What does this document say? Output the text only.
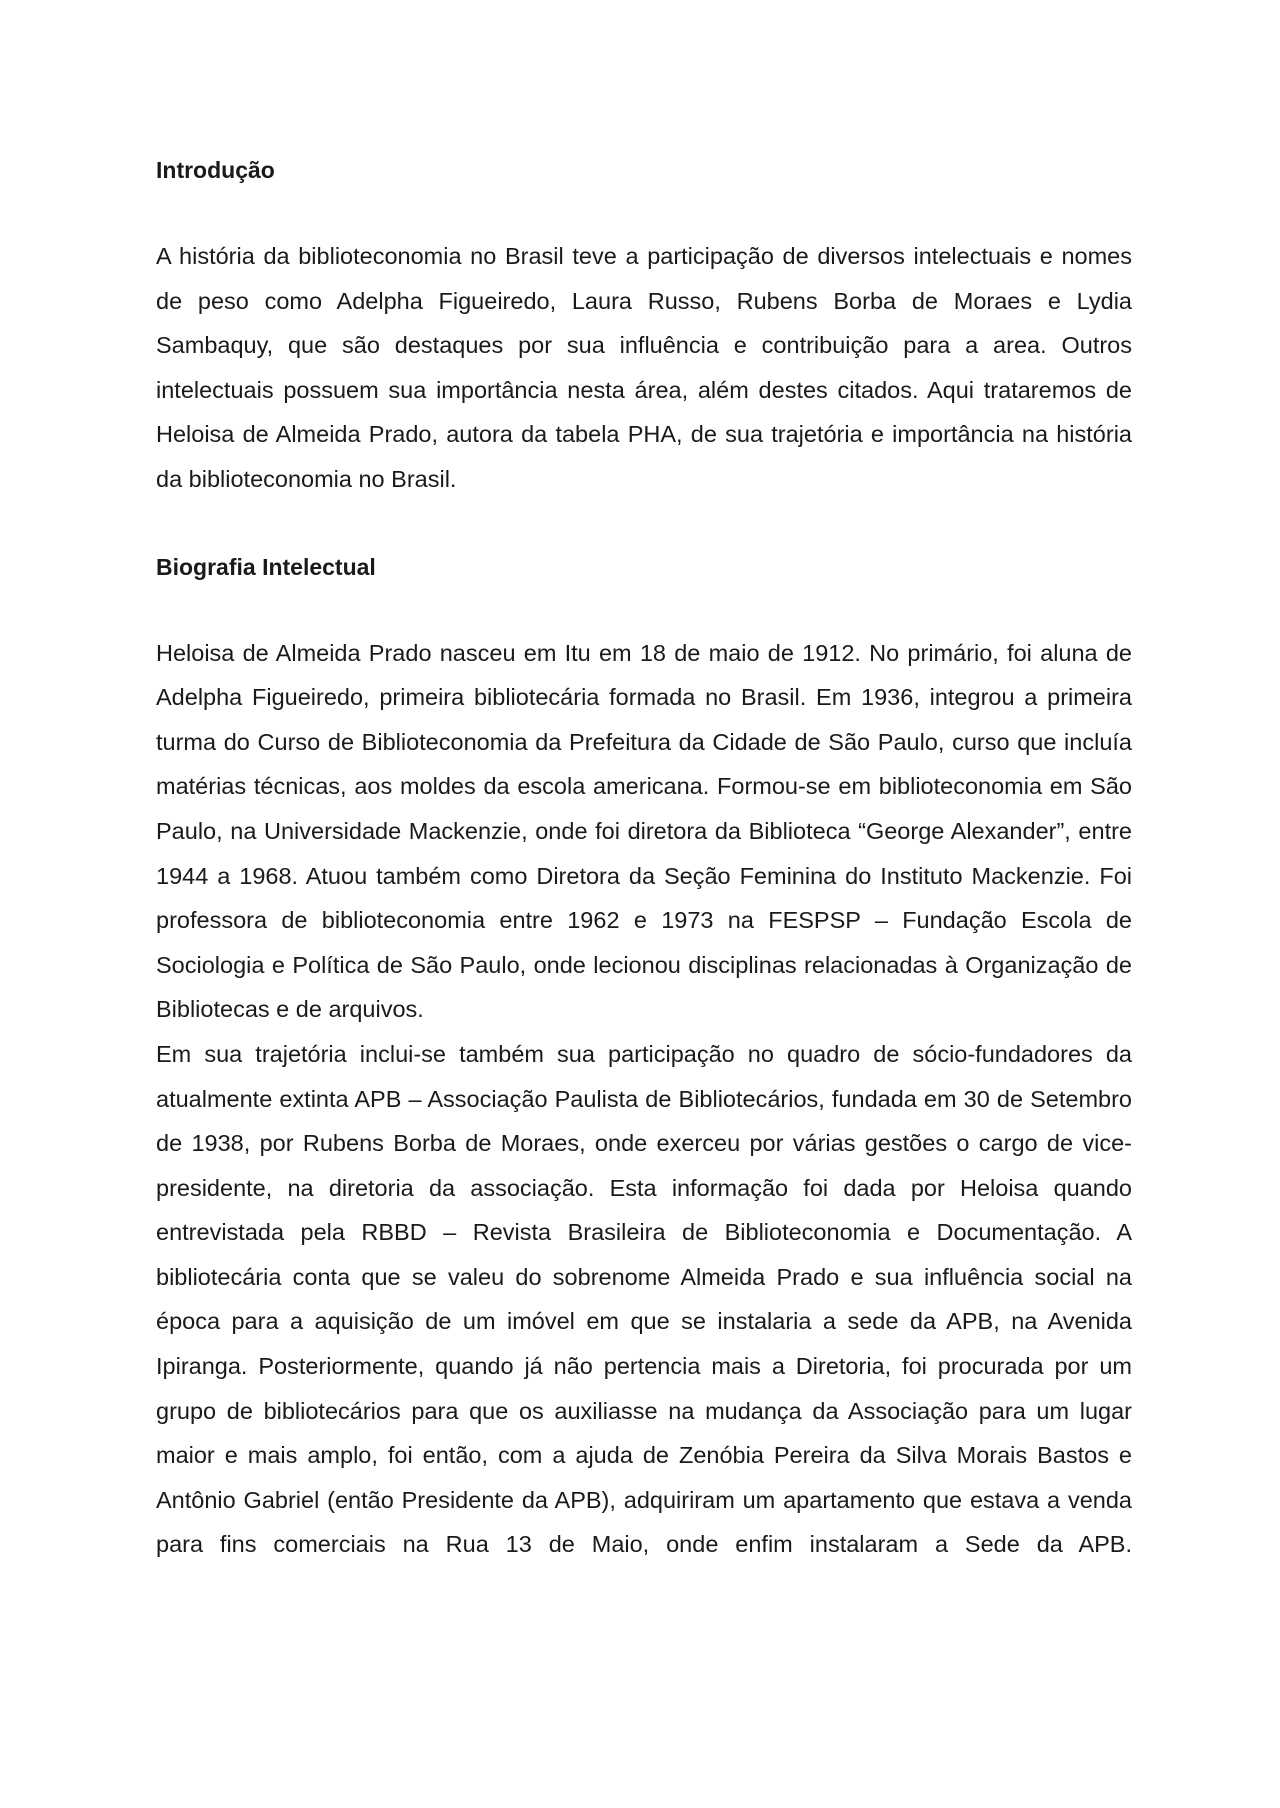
Introdução

A história da biblioteconomia no Brasil teve a participação de diversos intelectuais e nomes de peso como Adelpha Figueiredo, Laura Russo, Rubens Borba de Moraes e Lydia Sambaquy, que são destaques por sua influência e contribuição para a area. Outros intelectuais possuem sua importância nesta área, além destes citados. Aqui trataremos de Heloisa de Almeida Prado, autora da tabela PHA, de sua trajetória e importância na história da biblioteconomia no Brasil.

Biografia Intelectual

Heloisa de Almeida Prado nasceu em Itu em 18 de maio de 1912. No primário, foi aluna de Adelpha Figueiredo, primeira bibliotecária formada no Brasil. Em 1936, integrou a primeira turma do Curso de Biblioteconomia da Prefeitura da Cidade de São Paulo, curso que incluía matérias técnicas, aos moldes da escola americana. Formou-se em biblioteconomia em São Paulo, na Universidade Mackenzie, onde foi diretora da Biblioteca “George Alexander”, entre 1944 a 1968. Atuou também como Diretora da Seção Feminina do Instituto Mackenzie. Foi professora de biblioteconomia entre 1962 e 1973 na FESPSP – Fundação Escola de Sociologia e Política de São Paulo, onde lecionou disciplinas relacionadas à Organização de Bibliotecas e de arquivos.

Em sua trajetória inclui-se também sua participação no quadro de sócio-fundadores da atualmente extinta APB – Associação Paulista de Bibliotecários, fundada em 30 de Setembro de 1938, por Rubens Borba de Moraes, onde exerceu por várias gestões o cargo de vice-presidente, na diretoria da associação. Esta informação foi dada por Heloisa quando entrevistada pela RBBD – Revista Brasileira de Biblioteconomia e Documentação. A bibliotecária conta que se valeu do sobrenome Almeida Prado e sua influência social na época para a aquisição de um imóvel em que se instalaria a sede da APB, na Avenida Ipiranga. Posteriormente, quando já não pertencia mais a Diretoria, foi procurada por um grupo de bibliotecários para que os auxiliasse na mudança da Associação para um lugar maior e mais amplo, foi então, com a ajuda de Zenóbia Pereira da Silva Morais Bastos e Antônio Gabriel (então Presidente da APB), adquiriram um apartamento que estava a venda para fins comerciais na Rua 13 de Maio, onde enfim instalaram a Sede da APB.
